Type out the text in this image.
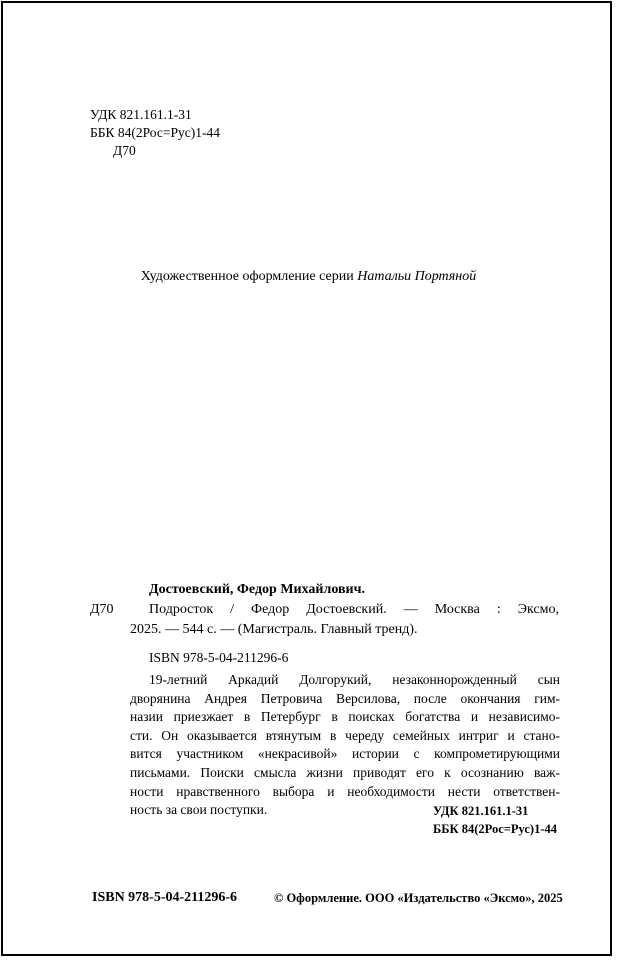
УДК 821.161.1-31
ББК 84(2Рос=Рус)1-44
Д70
Художественное оформление серии Натальи Портяной
Достоевский, Федор Михайлович.
Д70	Подросток / Федор Достоевский. — Москва : Эксмо,
2025. — 544 с. — (Магистраль. Главный тренд).
ISBN 978-5-04-211296-6
19-летний Аркадий Долгорукий, незаконнорожденный сын
дворянина Андрея Петровича Версилова, после окончания гим-
назии приезжает в Петербург в поисках богатства и независимо-
сти. Он оказывается втянутым в череду семейных интриг и стано-
вится участником «некрасивой» истории с компрометирующими
письмами. Поиски смысла жизни приводят его к осознанию важ-
ности нравственного выбора и необходимости нести ответствен-
ность за свои поступки.	УДК 821.161.1-31
ББК 84(2Рос=Рус)1-44
ISBN 978-5-04-211296-6	© Оформление. ООО «Издательство «Эксмо», 2025
